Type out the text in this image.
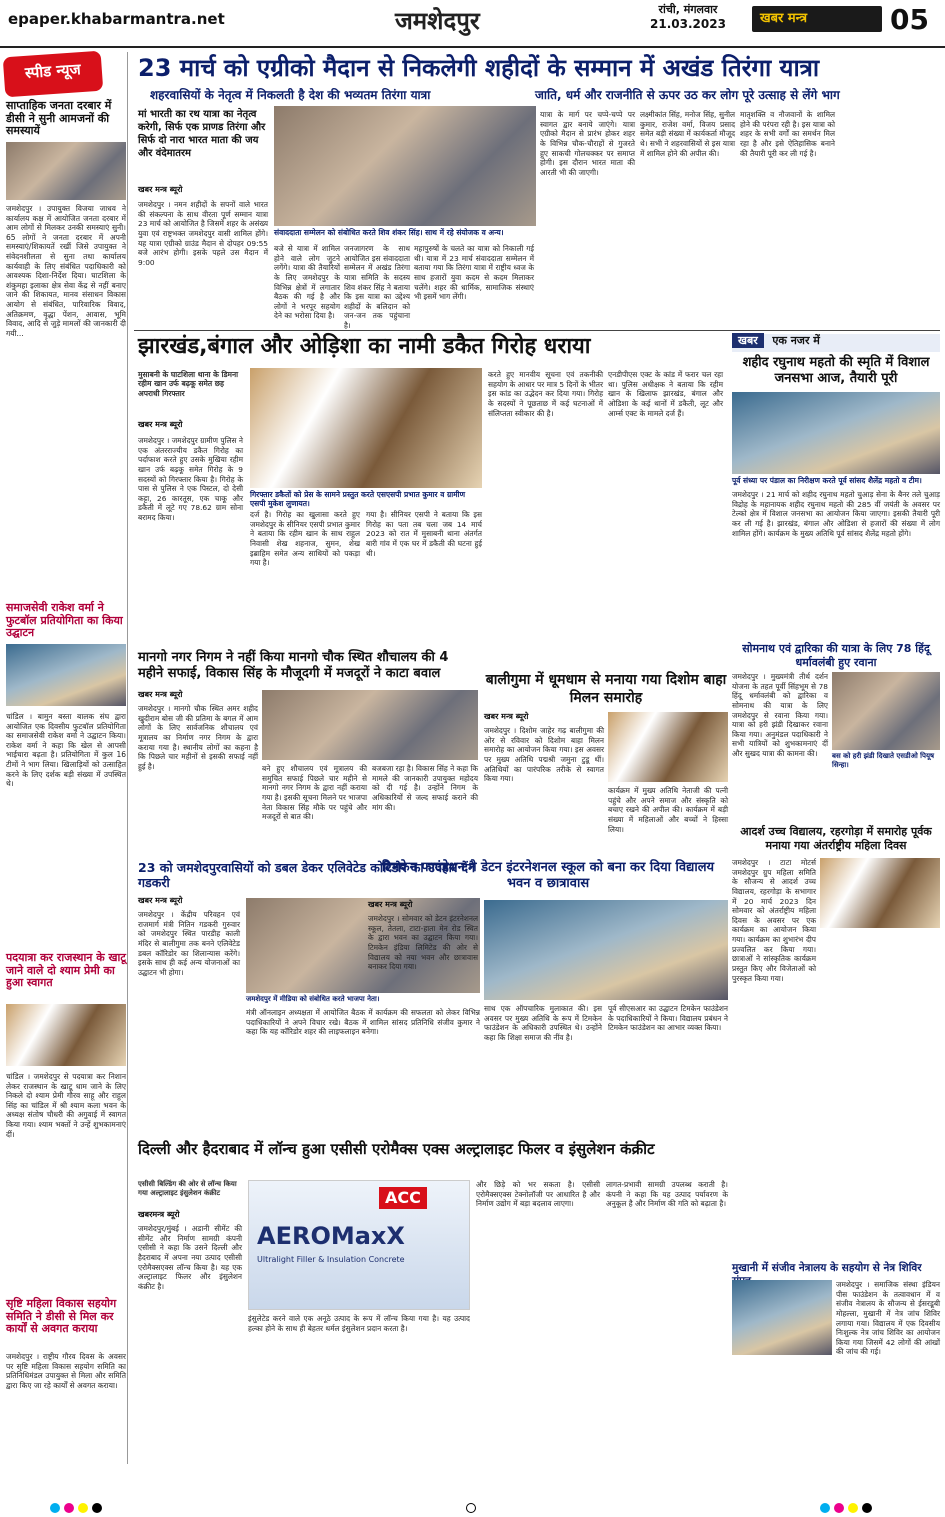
epaper.khabarmantra.net	जमशेदपुर	रांची, मंगलवार
21.03.2023	खबर मन्त्र	05
स्पीड न्यूज
साप्ताहिक जनता दरबार में डीसी ने सुनी आमजनों की समस्यायें
जमशेदपुर । उपायुक्त विजया जाधव ने कार्यालय कक्ष में आयोजित जनता दरबार में आम लोगों से मिलकर उनकी समस्याएं सुनी। 65 लोगों ने जनता दरबार में अपनी समस्याएं/शिकायतें रखीं जिसे उपायुक्त ने संवेदनशीलता से सुना तथा कार्यालय कार्यवाही के लिए संबंधित पदाधिकारी को आवश्यक दिशा-निर्देश दिया। घाटशिला के शंकुमहा इलाका क्षेत्र सेवा केंद्र से नहीं बनाए जाने की शिकायत, मानव संसाधन विकास आयोग से संबंधित, पारिवारिक विवाद, अतिक्रमण, वृद्धा पेंशन, आवास, भूमि विवाद, आदि से जुड़े मामलों की जानकारी दी गयी...
समाजसेवी राकेश वर्मा ने फुटबॉल प्रतियोगिता का किया उद्घाटन
चांडिल । बामुन बस्ता बालक संघ द्वारा आयोजित एक दिवसीय फुटबॉल प्रतियोगिता का समाजसेवी राकेश वर्मा ने उद्घाटन किया। राकेश वर्मा ने कहा कि खेल से आपसी भाईचारा बढ़ता है। प्रतियोगिता में कुल 16 टीमों ने भाग लिया। खिलाड़ियों को उत्साहित करने के लिए दर्शक बड़ी संख्या में उपस्थित थे।
पदयात्रा कर राजस्थान के खाटू जाने वाले दो श्याम प्रेमी का हुआ स्वागत
चांडिल । जमशेदपुर से पदयात्रा कर निशान लेकर राजस्थान के खाटू धाम जाने के लिए निकले दो श्याम प्रेमी गौरव साहू और राहुल सिंह का चांडिल में श्री श्याम कला भवन के अध्यक्ष संतोष चौधरी की अगुवाई में स्वागत किया गया। श्याम भक्तों ने उन्हें शुभकामनाएं दीं।
सृष्टि महिला विकास सहयोग समिति ने डीसी से मिल कर कार्यों से अवगत कराया
जमशेदपुर । राष्ट्रीय गौरव दिवस के अवसर पर सृष्टि महिला विकास सहयोग समिति का प्रतिनिधिमंडल उपायुक्त से मिला और समिति द्वारा किए जा रहे कार्यों से अवगत कराया।
23 मार्च को एग्रीको मैदान से निकलेगी शहीदों के सम्मान में अखंड तिरंगा यात्रा
शहरवासियों के नेतृत्व में निकलती है देश की भव्यतम तिरंगा यात्रा	जाति, धर्म और राजनीति से ऊपर उठ कर लोग पूरे उत्साह से लेंगे भाग
मां भारती का रथ यात्रा का नेतृत्व करेगी, सिर्फ एक प्राणड तिरंगा और सिर्फ दो नारा भारत माता की जय और वंदेमातरम
खबर मन्त्र ब्यूरो
संवाददाता सम्मेलन को संबोधित करते शिव शंकर सिंह। साथ में रहे संयोजक व अन्य।
जमशेदपुर । नमन शहीदों के सपनों वाले भारत की संकल्पना के साथ वीरता पूर्ण सम्मान यात्रा 23 मार्च को आयोजित है जिसमें शहर के असंख्य युवा एवं राष्ट्रभक्त जमशेदपुर वासी शामिल होंगे। यह यात्रा एग्रीको ग्राउंड मैदान से दोपहर 09:55 बजे आरंभ होगी। इसके पहले उस मैदान में 9:00
बजे से यात्रा में शामिल होने वाले लोग जुटने लगेंगे। यात्रा की तैयारियों के लिए जमशेदपुर के विभिन्न क्षेत्रों में लगातार बैठक की गई है और लोगों ने भरपूर सहयोग देने का भरोसा दिया है।
जनजागरण के साथ आयोजित इस संवाददाता सम्मेलन में अखंड तिरंगा यात्रा समिति के सदस्य शिव शंकर सिंह ने बताया कि इस यात्रा का उद्देश्य शहीदों के बलिदान को जन-जन तक पहुंचाना है।
महापुरुषों के चलते का यात्रा को निकाली गई थी। यात्रा में 23 मार्च संवाददाता सम्मेलन में बताया गया कि तिरंगा यात्रा में राष्ट्रीय ध्वज के साथ हजारों युवा कदम से कदम मिलाकर चलेंगे। शहर की धार्मिक, सामाजिक संस्थाएं भी इसमें भाग लेंगी।
यात्रा के मार्ग पर चप्पे-चप्पे पर स्वागत द्वार बनाये जाएंगे। यात्रा एग्रीको मैदान से प्रारंभ होकर शहर के विभिन्न चौक-चौराहों से गुजरते हुए साकची गोलचक्कर पर समाप्त होगी। इस दौरान भारत माता की आरती भी की जाएगी।
लक्ष्मीकांत सिंह, मनोज सिंह, सुनील कुमार, राजेश वर्मा, विजय प्रसाद समेत बड़ी संख्या में कार्यकर्ता मौजूद थे। सभी ने शहरवासियों से इस यात्रा में शामिल होने की अपील की।
मातृशक्ति व नौजवानों के शामिल होने की परंपरा रही है। इस यात्रा को शहर के सभी वर्गों का समर्थन मिल रहा है और इसे ऐतिहासिक बनाने की तैयारी पूरी कर ली गई है।
झारखंड,बंगाल और ओड़िशा का नामी डकैत गिरोह धराया
मुसाबनी के घाटशिला थाना के डिमना रहीम खान उर्फ बढ़कू समेत छह अपराधी गिरफ्तार
खबर मन्त्र ब्यूरो
गिरफ्तार डकैतों को प्रेस के सामने प्रस्तुत करते एसएसपी प्रभात कुमार व ग्रामीण एसपी मुकेश लुणायत।
जमशेदपुर । जमशेदपुर ग्रामीण पुलिस ने एक अंतरराज्यीय डकैत गिरोह का पर्दाफाश करते हुए उसके मुखिया रहीम खान उर्फ बढ़कू समेत गिरोह के 9 सदस्यों को गिरफ्तार किया है। गिरोह के पास से पुलिस ने एक पिस्टल, दो देसी कट्टा, 26 कारतूस, एक चाकू और डकैती में लूटे गए 78.62 ग्राम सोना बरामद किया।	दर्ज है। गिरोह का खुलासा करते हुए जमशेदपुर के सीनियर एसपी प्रभात कुमार ने बताया कि रहीम खान के साथ राहुल निवासी शेख शहनाज, सुमन, शेख इब्राहिम समेत अन्य साथियों को पकड़ा गया है।
गया है। सीनियर एसपी ने बताया कि इस गिरोह का पता तब चला जब 14 मार्च 2023 को रात में मुसाबनी थाना अंतर्गत बारी गांव में एक घर में डकैती की घटना हुई थी।
करते हुए मानवीय सूचना एवं तकनीकी सहयोग के आधार पर मात्र 5 दिनों के भीतर इस कांड का उद्भेदन कर दिया गया। गिरोह के सदस्यों ने पूछताछ में कई घटनाओं में संलिप्तता स्वीकार की है।
एनडीपीएस एक्ट के कांड में फरार चल रहा था। पुलिस अधीक्षक ने बताया कि रहीम खान के खिलाफ झारखंड, बंगाल और ओडिशा के कई थानों में डकैती, लूट और आर्म्स एक्ट के मामले दर्ज हैं।
खबर एक नजर में
शहीद रघुनाथ महतो की स्मृति में विशाल जनसभा आज, तैयारी पूरी
पूर्व संध्या पर पंडाल का निरीक्षण करते पूर्व सांसद शैलेंद्र महतो व टीम।
जमशेदपुर । 21 मार्च को शहीद रघुनाथ महतो चुआड़ सेना के बैनर तले चुआड़ विद्रोह के महानायक शहीद रघुनाथ महतो की 285 वीं जयंती के अवसर पर टेल्को क्षेत्र में विशाल जनसभा का आयोजन किया जाएगा। इसकी तैयारी पूरी कर ली गई है। झारखंड, बंगाल और ओडिशा से हजारों की संख्या में लोग शामिल होंगे। कार्यक्रम के मुख्य अतिथि पूर्व सांसद शैलेंद्र महतो होंगे।
सोमनाथ एवं द्वारिका की यात्रा के लिए 78 हिंदू धर्मावलंबी हुए रवाना
जमशेदपुर । मुख्यमंत्री तीर्थ दर्शन योजना के तहत पूर्वी सिंहभूम से 78 हिंदू धर्मावलंबी को द्वारिका व सोमनाथ की यात्रा के लिए जमशेदपुर से रवाना किया गया। यात्रा को हरी झंडी दिखाकर रवाना किया गया। अनुमंडल पदाधिकारी ने सभी यात्रियों को शुभकामनाएं दीं और सुखद यात्रा की कामना की।	बस को हरी झंडी दिखाते एसडीओ पियूष सिन्हा।
आदर्श उच्च विद्यालय, रहरगोड़ा में समारोह पूर्वक मनाया गया अंतर्राष्ट्रीय महिला दिवस
जमशेदपुर । टाटा मोटर्स जमशेदपुर ग्रुप महिला समिति के सौजन्य से आदर्श उच्च विद्यालय, रहरगोड़ा के सभागार में 20 मार्च 2023 दिन सोमवार को अंतर्राष्ट्रीय महिला दिवस के अवसर पर एक कार्यक्रम का आयोजन किया गया। कार्यक्रम का शुभारंभ दीप प्रज्वलित कर किया गया। छात्राओं ने सांस्कृतिक कार्यक्रम प्रस्तुत किए और विजेताओं को पुरस्कृत किया गया।
मुखानी में संजीव नेत्रालय के सहयोग से नेत्र शिविर
जमशेदपुर । समाजिक संस्था इंडियन पीस फाउंडेशन के तत्वावधान में व संजीव नेत्रालय के सौजन्य से ईसरडूबी मोहल्ला, मुखानी में नेत्र जांच शिविर लगाया गया। विद्यालय में एक दिवसीय निःशुल्क नेत्र जांच शिविर का आयोजन किया गया जिसमें 42 लोगों की आंखों की जांच की गई।
मानगो नगर निगम ने नहीं किया मानगो चौक स्थित शौचालय की 4 महीने सफाई, विकास सिंह के मौजूदगी में मजदूरों ने काटा बवाल
खबर मन्त्र ब्यूरो
जमशेदपुर । मानगो चौक स्थित अमर शहीद खुदीराम बोस जी की प्रतिमा के बगल में आम लोगों के लिए सार्वजनिक शौचालय एवं मूत्रालय का निर्माण नगर निगम के द्वारा कराया गया है। स्थानीय लोगों का कहना है कि पिछले चार महीनों से इसकी सफाई नहीं हुई है।	बने हुए शौचालय एवं मूत्रालय की समुचित सफाई पिछले चार महीने से मानगो नगर निगम के द्वारा नहीं कराया गया है। इसकी सूचना मिलने पर भाजपा नेता विकास सिंह मौके पर पहुंचे और मजदूरों से बात की।
बजबजा रहा है। विकास सिंह ने कहा कि मामले की जानकारी उपायुक्त महोदय को दी गई है। उन्होंने निगम के अधिकारियों से जल्द सफाई कराने की मांग की।
बालीगुमा में धूमधाम से मनाया गया दिशोम बाहा मिलन समारोह
खबर मन्त्र ब्यूरो
जमशेदपुर । दिशोम जाहेर गढ़ बालीगुमा की ओर से रविवार को दिशोम बाहा मिलन समारोह का आयोजन किया गया। इस अवसर पर मुख्य अतिथि पद्मश्री जमुना टुडू थीं। अतिथियों का पारंपरिक तरीके से स्वागत किया गया।
कार्यक्रम में मुख्य अतिथि नेताजी की पत्नी पहुंचे और अपने समाज और संस्कृति को बचाए रखने की अपील की। कार्यक्रम में बड़ी संख्या में महिलाओं और बच्चों ने हिस्सा लिया।
23 को जमशेदपुरवासियों को डबल डेकर एलिवेटेड कोरिडोर का उपहार देंगे गडकरी
खबर मन्त्र ब्यूरो
जमशेदपुर । केंद्रीय परिवहन एवं राजमार्ग मंत्री नितिन गडकरी गुरुवार को जमशेदपुर स्थित पारडीह काली मंदिर से बालीगुमा तक बनने एलिवेटेड डबल कॉरिडोर का शिलान्यास करेंगे। इसके साथ ही कई अन्य योजनाओं का उद्घाटन भी होगा।
जमशेदपुर में मीडिया को संबोधित करते भाजपा नेता।
मंत्री ऑनलाइन अध्यक्षता में आयोजित बैठक में कार्यक्रम की सफलता को लेकर विभिन्न पदाधिकारियों ने अपने विचार रखे। बैठक में शामिल सांसद प्रतिनिधि संजीव कुमार ने कहा कि यह कॉरिडोर शहर की लाइफलाइन बनेगा।
टिमकेन फाउंडेशन ने डेटन इंटरनेशनल स्कूल को बना कर दिया विद्यालय भवन व छात्रावास
खबर मन्त्र ब्यूरो
जमशेदपुर । सोमवार को डेटन इंटरनेशनल स्कूल, तेतला, टाटा-हाता मेन रोड स्थित के द्वारा भवन का उद्घाटन किया गया। टिमकेन इंडिया लिमिटेड की ओर से विद्यालय को नया भवन और छात्रावास बनाकर दिया गया।
साथ एक ऑपचारिक मुलाकात की। इस अवसर पर मुख्य अतिथि के रूप में टिमकेन फाउंडेशन के अधिकारी उपस्थित थे। उन्होंने कहा कि शिक्षा समाज की नींव है।
पूर्व सीएसआर का उद्घाटन टिमकेन फाउंडेशन के पदाधिकारियों ने किया। विद्यालय प्रबंधन ने टिमकेन फाउंडेशन का आभार व्यक्त किया।
दिल्ली और हैदराबाद में लॉन्च हुआ एसीसी एरोमैक्स एक्स अल्ट्रालाइट फिलर व इंसुलेशन कंक्रीट
एसीसी बिल्डिंग की ओर से लॉन्च किया गया अल्ट्रालाइट इंसुलेशन कंक्रीट
खबरमन्त्र ब्यूरो
जमशेदपुर/मुंबई । अडानी सीमेंट की सीमेंट और निर्माण सामग्री कंपनी एसीसी ने कहा कि उसने दिल्ली और हैदराबाद में अपना नया उत्पाद एसीसी एरोमैक्सएक्स लॉन्च किया है। यह एक अल्ट्रालाइट फिलर और इंसुलेशन कंक्रीट है।
ACC
AEROMaxX
Ultralight Filler & Insulation Concrete
इंसुलेटेड करने वाले एक अनूठे उत्पाद के रूप में लॉन्च किया गया है। यह उत्पाद हल्का होने के साथ ही बेहतर थर्मल इंसुलेशन प्रदान करता है।
और छिड़े को भर सकता है। एसीसी एरोमैक्सएक्स टेक्नोलॉजी पर आधारित है और निर्माण उद्योग में बड़ा बदलाव लाएगा।
लागत-प्रभावी सामग्री उपलब्ध कराती है। कंपनी ने कहा कि यह उत्पाद पर्यावरण के अनुकूल है और निर्माण की गति को बढ़ाता है।
